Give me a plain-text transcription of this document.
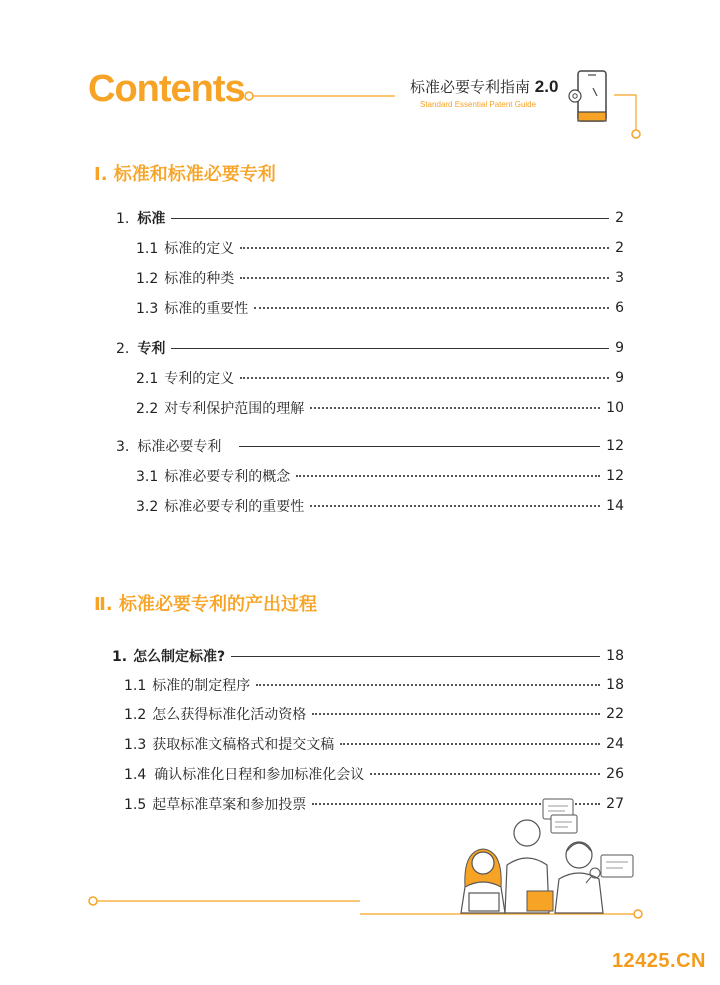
Contents	标准必要专利指南 2.0
Standard Essential Patent Guide
Ⅰ. 标准和标准必要专利
Ⅱ. 标准必要专利的产出过程
1. 标准	2
1.1 标准的定义	2
1.2 标准的种类	3
1.3 标准的重要性	6
2. 专利	9
2.1 专利的定义	9
2.2 对专利保护范围的理解	10
3. 标准必要专利	12
3.1 标准必要专利的概念	12
3.2 标准必要专利的重要性	14
1. 怎么制定标准?	18
1.1 标准的制定程序	18
1.2 怎么获得标准化活动资格	22
1.3 获取标准文稿格式和提交文稿	24
1.4 确认标准化日程和参加标准化会议	26
1.5 起草标准草案和参加投票	27
12425.CN
